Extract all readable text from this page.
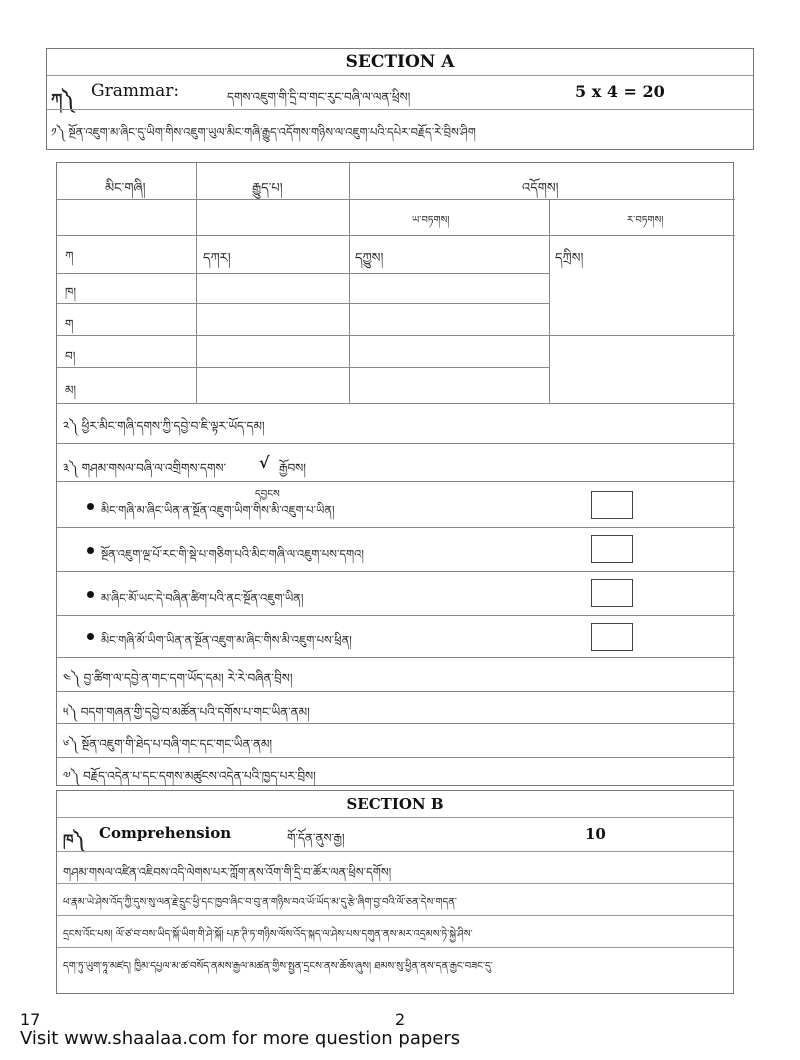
SECTION A
ཀ༽ Grammar:	དགས་འཇུག་གི་དྲི་བ་གང་རུང་བཞི་ལ་ལན་ཕྲིས།	5 x 4 = 20
༡༽ སྔོན་འཇུག་མ་ཞིང་དུ་ཡིག་གིས་འཇུག་ཡུལ་མིང་གཞི་རྒྱུད་འདོགས་གཉིས་ལ་འཇུག་པའི་དཔེར་བརྗོད་རེ་བྲིས་ཤིག
མིང་གཞི།	རྒྱུད་པ།	འདོགས།
ཡ་བཏགས།	ར་བཏགས།
ཀ	དཀར།	དཀྱུས།	དཀྲིས།
ཁ།
ག
བ།
མ།
༢༽ ཕྱིར་མིང་གཞི་དགས་ཀྱི་དབྱེ་བ་ཇི་ལྟར་ཡོད་དམ།
༣༽ གཤམ་གསལ་བཞི་ལ་འགྲིགས་དགས་ √ རྒྱོབས།
དབྱངས
མིང་གཞི་མ་ཞིང་ཡིན་ན་སྔོན་འཇུག་ཡིག་གིས་མི་འཇུག་པ་ཡིན།
སྔོན་འཇུག་ལྔ་པོ་རང་གི་སྡེ་པ་གཅིག་པའི་མིང་གཞི་ལ་འཇུག་པས་དགའ།
མ་ཞིང་མོ་ཡང་དེ་བཞིན་ཚིག་པའི་ནང་སྔོན་འཇུག་ཡིན།
མིང་གཞི་མོ་ཡིག་ཡིན་ན་སྔོན་འཇུག་མ་ཞིང་གིས་མི་འཇུག་པས་ཕྲིན།
༤༽ བྱ་ཚིག་ལ་དབྱེ་ན་གང་དག་ཡོད་དམ། རེ་རེ་བཞིན་བྲིས།
༥༽ བདག་གཞན་གྱི་དབྱེ་བ་མཚོན་པའི་དགོས་པ་གང་ཡིན་ནམ།
༦༽ སྔོན་འཇུག་གི་ཐེད་པ་བཞི་གང་དང་གང་ཡིན་ནམ།
༧༽ བརྗོད་འདེན་པ་དང་དགས་མཚུངས་འདེན་པའི་ཁྱད་པར་བྲིས།
SECTION B
ཁ༽ Comprehension	གོ་དོན་ནུས་རྒྱ།	10
གཤམ་གསལ་འཛིན་འཇིབས་འདི་ལེགས་པར་ཀློག་ནས་འོག་གི་དྲི་བ་ཚོར་ལན་ཕྲིས་དགོས།
ཕ་རྣམ་ཡེ་ཤེས་འོད་ཀྱི་དུས་སུ་ལན་རྗེ་དྲུང་ཕྱི་དང་ཁྱབ་ཞིང་བ་བུ་ན་གཉིས་བའ་ཡོ་ཡོད་མ་དུ་རྩེ་ཞིག་བྱ་བའི་ལོ་ཅན་དེས་གདན་
དྲངས་འོང་པས། ལོ་ཙ་བ་བས་ཡིད་སྐོ་ཡིག་གི་ཤེ་སྐོ། པཎ་ཊི་ཏ་གཉིས་ལོས་འོད་སྐད་ལ་ཤེས་པས་དགུན་ནས་མར་འདྲམས་ཏེ་སྐྱེ་ཤིས་
དག་ཏུ་ཡུག་ཧཱ་མཛད། ཁྱིམ་དཔྱལ་མ་ཚ་བསོད་ནམས་རྒྱལ་མཚན་གྱིས་སྤྱན་དྲངས་ནས་ཆོས་ཞུས། ཐམས་སུ་ཕྱིན་ནས་དན་རྒྱང་བཟང་དུ་
17	2
Visit www.shaalaa.com for more question papers
